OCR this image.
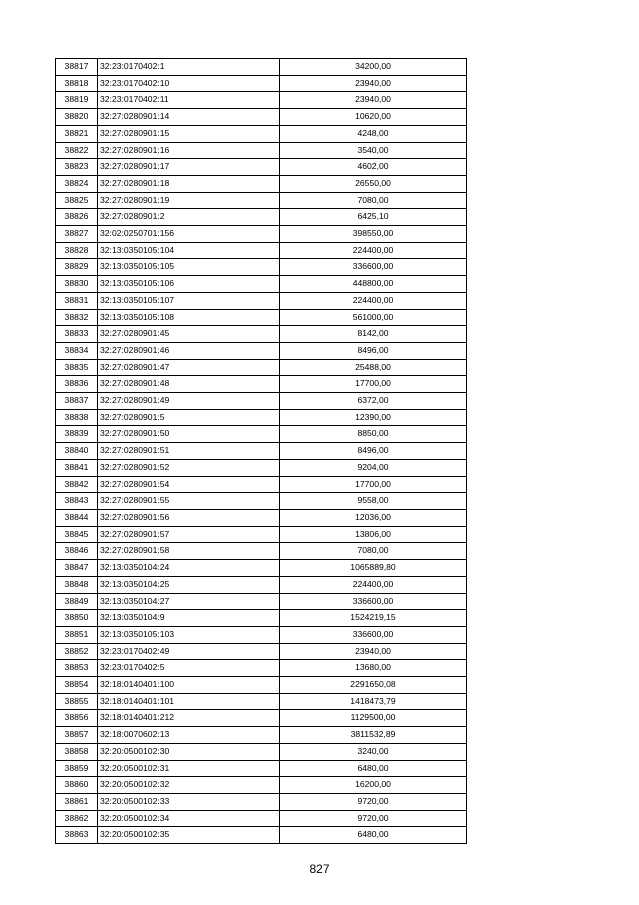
38817	32:23:0170402:1	34200,00
38818	32:23:0170402:10	23940,00
38819	32:23:0170402:11	23940,00
38820	32:27:0280901:14	10620,00
38821	32:27:0280901:15	4248,00
38822	32:27:0280901:16	3540,00
38823	32:27:0280901:17	4602,00
38824	32:27:0280901:18	26550,00
38825	32:27:0280901:19	7080,00
38826	32:27:0280901:2	6425,10
38827	32:02:0250701:156	398550,00
38828	32:13:0350105:104	224400,00
38829	32:13:0350105:105	336600,00
38830	32:13:0350105:106	448800,00
38831	32:13:0350105:107	224400,00
38832	32:13:0350105:108	561000,00
38833	32:27:0280901:45	8142,00
38834	32:27:0280901:46	8496,00
38835	32:27:0280901:47	25488,00
38836	32:27:0280901:48	17700,00
38837	32:27:0280901:49	6372,00
38838	32:27:0280901:5	12390,00
38839	32:27:0280901:50	8850,00
38840	32:27:0280901:51	8496,00
38841	32:27:0280901:52	9204,00
38842	32:27:0280901:54	17700,00
38843	32:27:0280901:55	9558,00
38844	32:27:0280901:56	12036,00
38845	32:27:0280901:57	13806,00
38846	32:27:0280901:58	7080,00
38847	32:13:0350104:24	1065889,80
38848	32:13:0350104:25	224400,00
38849	32:13:0350104:27	336600,00
38850	32:13:0350104:9	1524219,15
38851	32:13:0350105:103	336600,00
38852	32:23:0170402:49	23940,00
38853	32:23:0170402:5	13680,00
38854	32:18:0140401:100	2291650,08
38855	32:18:0140401:101	1418473,79
38856	32:18:0140401:212	1129500,00
38857	32:18:0070602:13	3811532,89
38858	32:20:0500102:30	3240,00
38859	32:20:0500102:31	6480,00
38860	32:20:0500102:32	16200,00
38861	32:20:0500102:33	9720,00
38862	32:20:0500102:34	9720,00
38863	32:20:0500102:35	6480,00
827
